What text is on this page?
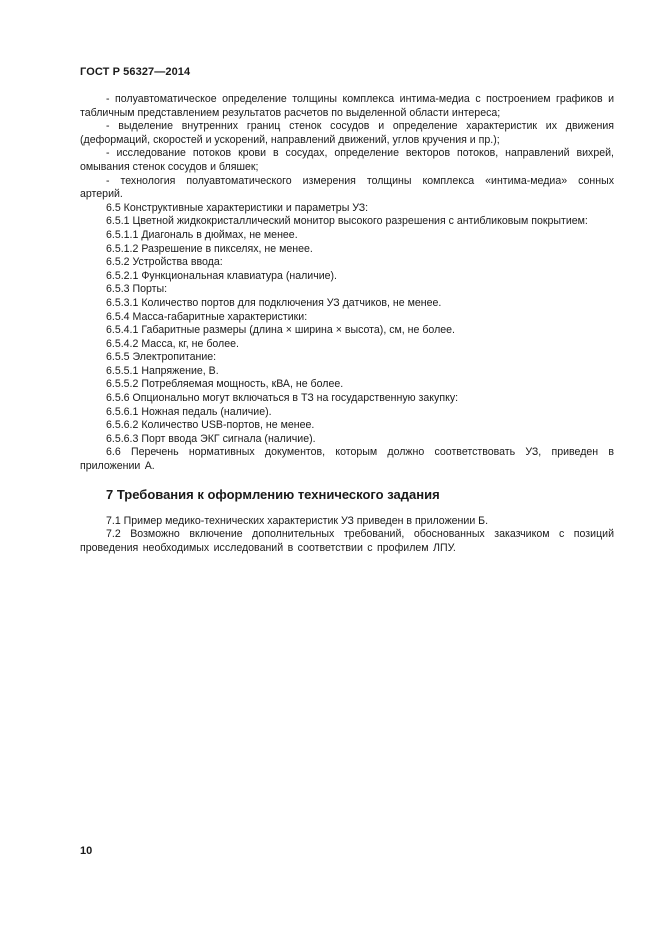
ГОСТ Р 56327—2014

- полуавтоматическое определение толщины комплекса интима-медиа с построением графиков и табличным представлением результатов расчетов по выделенной области интереса;

- выделение внутренних границ стенок сосудов и определение характеристик их движения (деформаций, скоростей и ускорений, направлений движений, углов кручения и пр.);

- исследование потоков крови в сосудах, определение векторов потоков, направлений вихрей, омывания стенок сосудов и бляшек;

- технология полуавтоматического измерения толщины комплекса «интима-медиа» сонных артерий.

6.5 Конструктивные характеристики и параметры УЗ:

6.5.1 Цветной жидкокристаллический монитор высокого разрешения с антибликовым покрытием:

6.5.1.1 Диагональ в дюймах, не менее.

6.5.1.2 Разрешение в пикселях, не менее.

6.5.2 Устройства ввода:

6.5.2.1 Функциональная клавиатура (наличие).

6.5.3 Порты:

6.5.3.1 Количество портов для подключения УЗ датчиков, не менее.

6.5.4 Масса-габаритные характеристики:

6.5.4.1 Габаритные размеры (длина × ширина × высота), см, не более.

6.5.4.2 Масса, кг, не более.

6.5.5 Электропитание:

6.5.5.1 Напряжение, В.

6.5.5.2 Потребляемая мощность, кВА, не более.

6.5.6 Опционально могут включаться в ТЗ на государственную закупку:

6.5.6.1 Ножная педаль (наличие).

6.5.6.2 Количество USB-портов, не менее.

6.5.6.3 Порт ввода ЭКГ сигнала (наличие).

6.6 Перечень нормативных документов, которым должно соответствовать УЗ, приведен в приложении А.

7 Требования к оформлению технического задания

7.1 Пример медико-технических характеристик УЗ приведен в приложении Б.

7.2 Возможно включение дополнительных требований, обоснованных заказчиком с позиций проведения необходимых исследований в соответствии с профилем ЛПУ.

10
